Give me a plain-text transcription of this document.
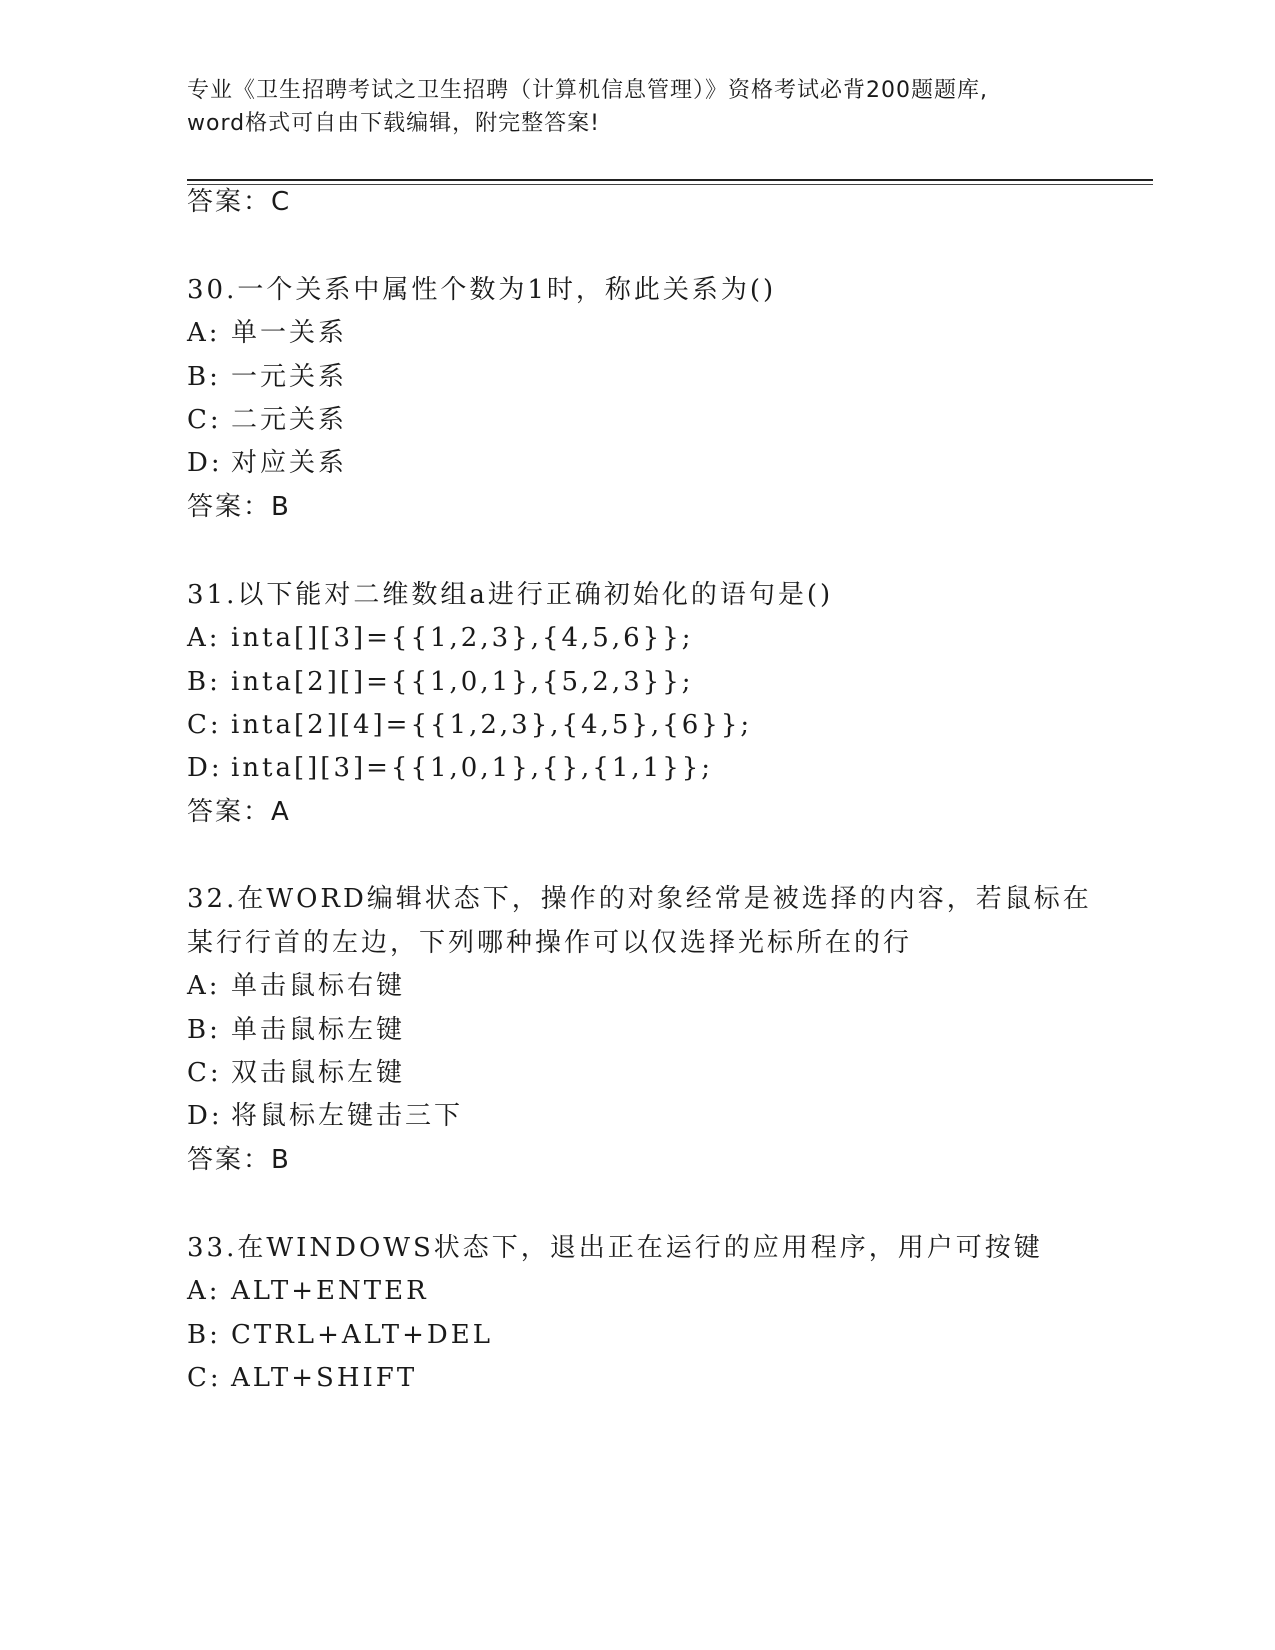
专业《卫生招聘考试之卫生招聘（计算机信息管理）》资格考试必背200题题库,
word格式可自由下载编辑，附完整答案!
答案：C
30.一个关系中属性个数为1时，称此关系为()
A: 单一关系
B: 一元关系
C: 二元关系
D: 对应关系
答案：B
31.以下能对二维数组a进行正确初始化的语句是()
A: inta[][3]={{1,2,3},{4,5,6}};
B: inta[2][]={{1,0,1},{5,2,3}};
C: inta[2][4]={{1,2,3},{4,5},{6}};
D: inta[][3]={{1,0,1},{},{1,1}};
答案：A
32.在WORD编辑状态下，操作的对象经常是被选择的内容，若鼠标在
某行行首的左边，下列哪种操作可以仅选择光标所在的行
A: 单击鼠标右键
B: 单击鼠标左键
C: 双击鼠标左键
D: 将鼠标左键击三下
答案：B
33.在WINDOWS状态下，退出正在运行的应用程序，用户可按键
A: ALT+ENTER
B: CTRL+ALT+DEL
C: ALT+SHIFT
